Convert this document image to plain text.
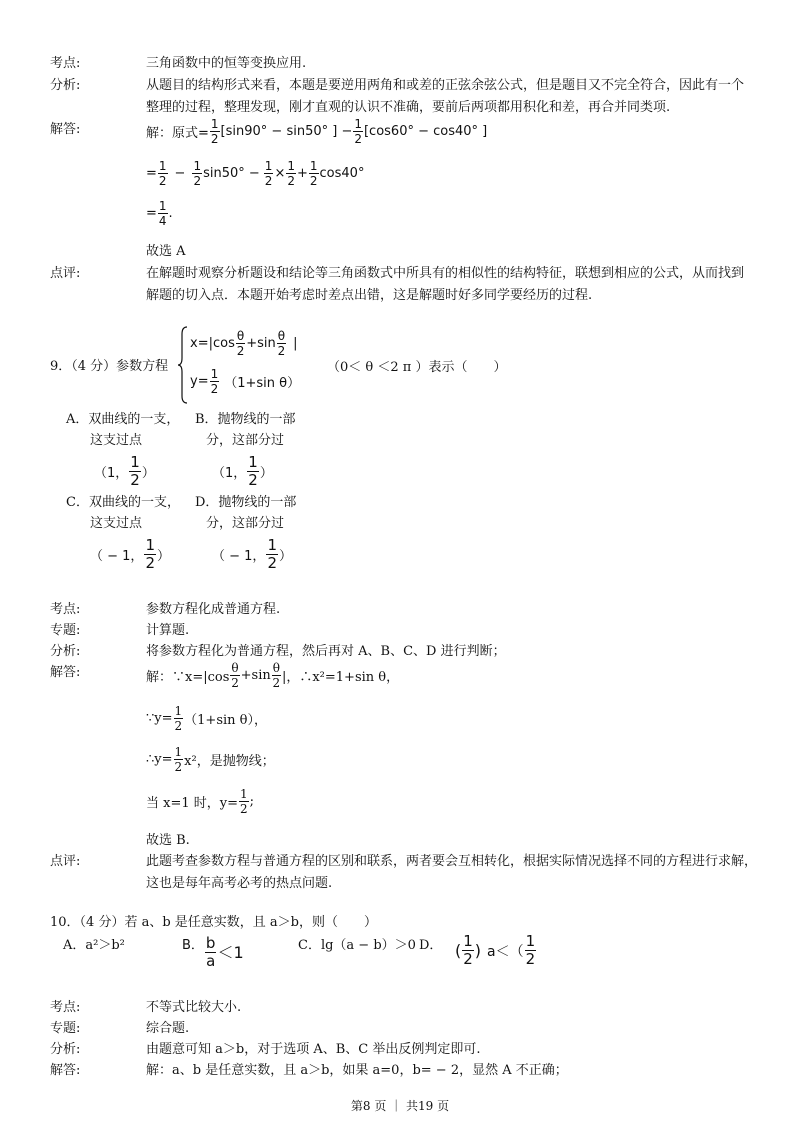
考点:	三角函数中的恒等变换应用.
分析:	从题目的结构形式来看，本题是要逆用两角和或差的正弦余弦公式，但是题目又不完全符合，因此有一个
整理的过程，整理发现，刚才直观的认识不准确，要前后两项都用积化和差，再合并同类项.
解答:	解：原式= $\frac{1}{2} [\sin 90^\circ - \sin 50^\circ$ ] − $\frac{1}{2} [\cos 60^\circ - \cos 40^\circ$ ]
= $\frac{1}{2} - \frac{1}{2} \sin 50^\circ - \frac{1}{2} \times \frac{1}{2} + \frac{1}{2} \cos 40^\circ$
= $\frac{1}{4}$ .
故选 A
点评:	在解题时观察分析题设和结论等三角函数式中所具有的相似性的结构特征，联想到相应的公式，从而找到
解题的切入点．本题开始考虑时差点出错，这是解题时好多同学要经历的过程.
9．（4 分）参数方程
$x=|\cos \frac{\theta}{2} +\sin \frac{\theta}{2}$ |
$y= \frac{1}{2} (1+\sin$ θ）
（0＜ θ ＜2 π ）表示（　　）
A．双曲线的一支，
这支过点
B．抛物线的一部
分，这部分过
（1， $\frac{1}{2}$ ）	（1， $\frac{1}{2}$ ）
C．双曲线的一支，
这支过点
D．抛物线的一部
分，这部分过
（ − 1， $\frac{1}{2}$ ）	（ − 1， $\frac{1}{2}$ ）
考点:	参数方程化成普通方程.
专题:	计算题.
分析:	将参数方程化为普通方程，然后再对 A、B、C、D 进行判断；
解答:	解：∵x=|cos $\frac{\theta}{2} +\sin \frac{\theta}{2}$ |，∴x²=1+sin θ，
∵y= $\frac{1}{2} (1+\sin$ θ），
∴y= $\frac{1}{2} x^2$，是抛物线；
当 x=1 时，$y= \frac{1}{2}$ ;
故选 B.
点评:	此题考查参数方程与普通方程的区别和联系，两者要会互相转化，根据实际情况选择不同的方程进行求解，
这也是每年高考必考的热点问题.
10．（4 分）若 a、b 是任意实数，且 a＞b，则（　　）
A．a²＞b²	B． $\frac{b}{a} <1$	C．lg（a − b）＞0 D． ( $\frac{1}{2}$ ) $a<( \frac{1}{2}$
考点:	不等式比较大小.
专题:	综合题.
分析:	由题意可知 a＞b，对于选项 A、B、C 举出反例判定即可.
解答:	解：a、b 是任意实数，且 a＞b，如果 a=0，b= − 2，显然 A 不正确；
第8 页 ｜ 共19 页
